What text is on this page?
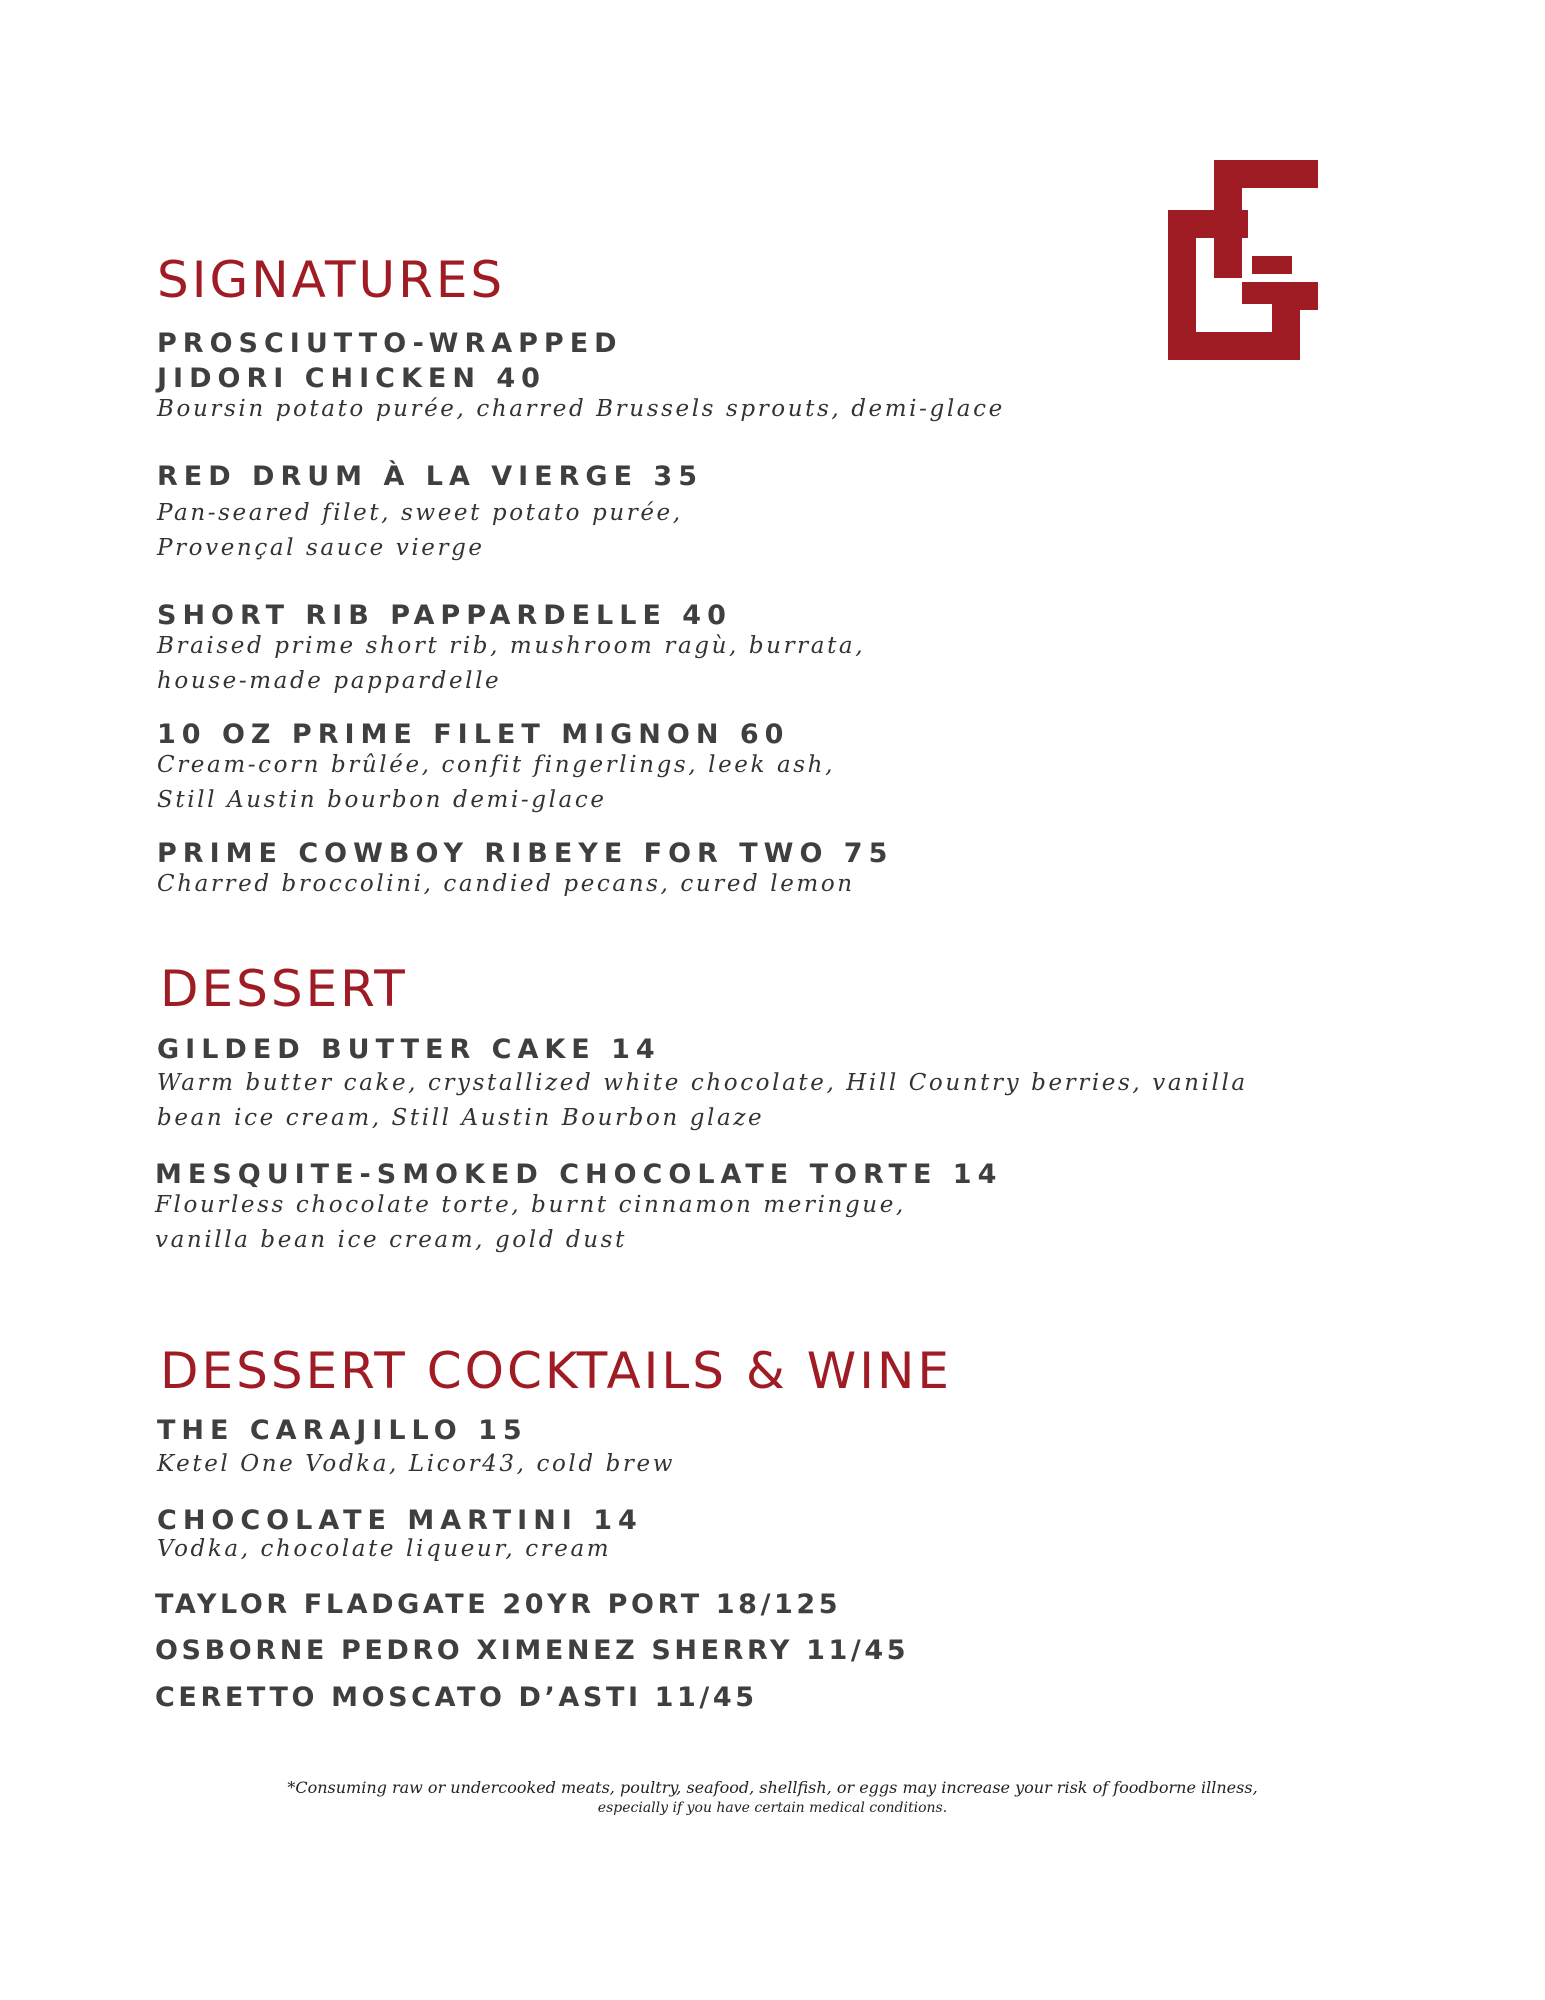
SIGNATURES
PROSCIUTTO-WRAPPED
JIDORI CHICKEN 40
Boursin potato purée, charred Brussels sprouts, demi-glace
RED DRUM À LA VIERGE 35
Pan-seared filet, sweet potato purée,
Provençal sauce vierge
SHORT RIB PAPPARDELLE 40
Braised prime short rib, mushroom ragù, burrata,
house-made pappardelle
10 OZ PRIME FILET MIGNON 60
Cream-corn brûlée, confit fingerlings, leek ash,
Still Austin bourbon demi-glace
PRIME COWBOY RIBEYE FOR TWO 75
Charred broccolini, candied pecans, cured lemon
DESSERT
GILDED BUTTER CAKE 14
Warm butter cake, crystallized white chocolate, Hill Country berries, vanilla
bean ice cream, Still Austin Bourbon glaze
MESQUITE-SMOKED CHOCOLATE TORTE 14
Flourless chocolate torte, burnt cinnamon meringue,
vanilla bean ice cream, gold dust
DESSERT COCKTAILS & WINE
THE CARAJILLO 15
Ketel One Vodka, Licor43, cold brew
CHOCOLATE MARTINI 14
Vodka, chocolate liqueur, cream
TAYLOR FLADGATE 20YR PORT 18/125
OSBORNE PEDRO XIMENEZ SHERRY 11/45
CERETTO MOSCATO D’ASTI 11/45
*Consuming raw or undercooked meats, poultry, seafood, shellfish, or eggs may increase your risk of foodborne illness,
especially if you have certain medical conditions.
